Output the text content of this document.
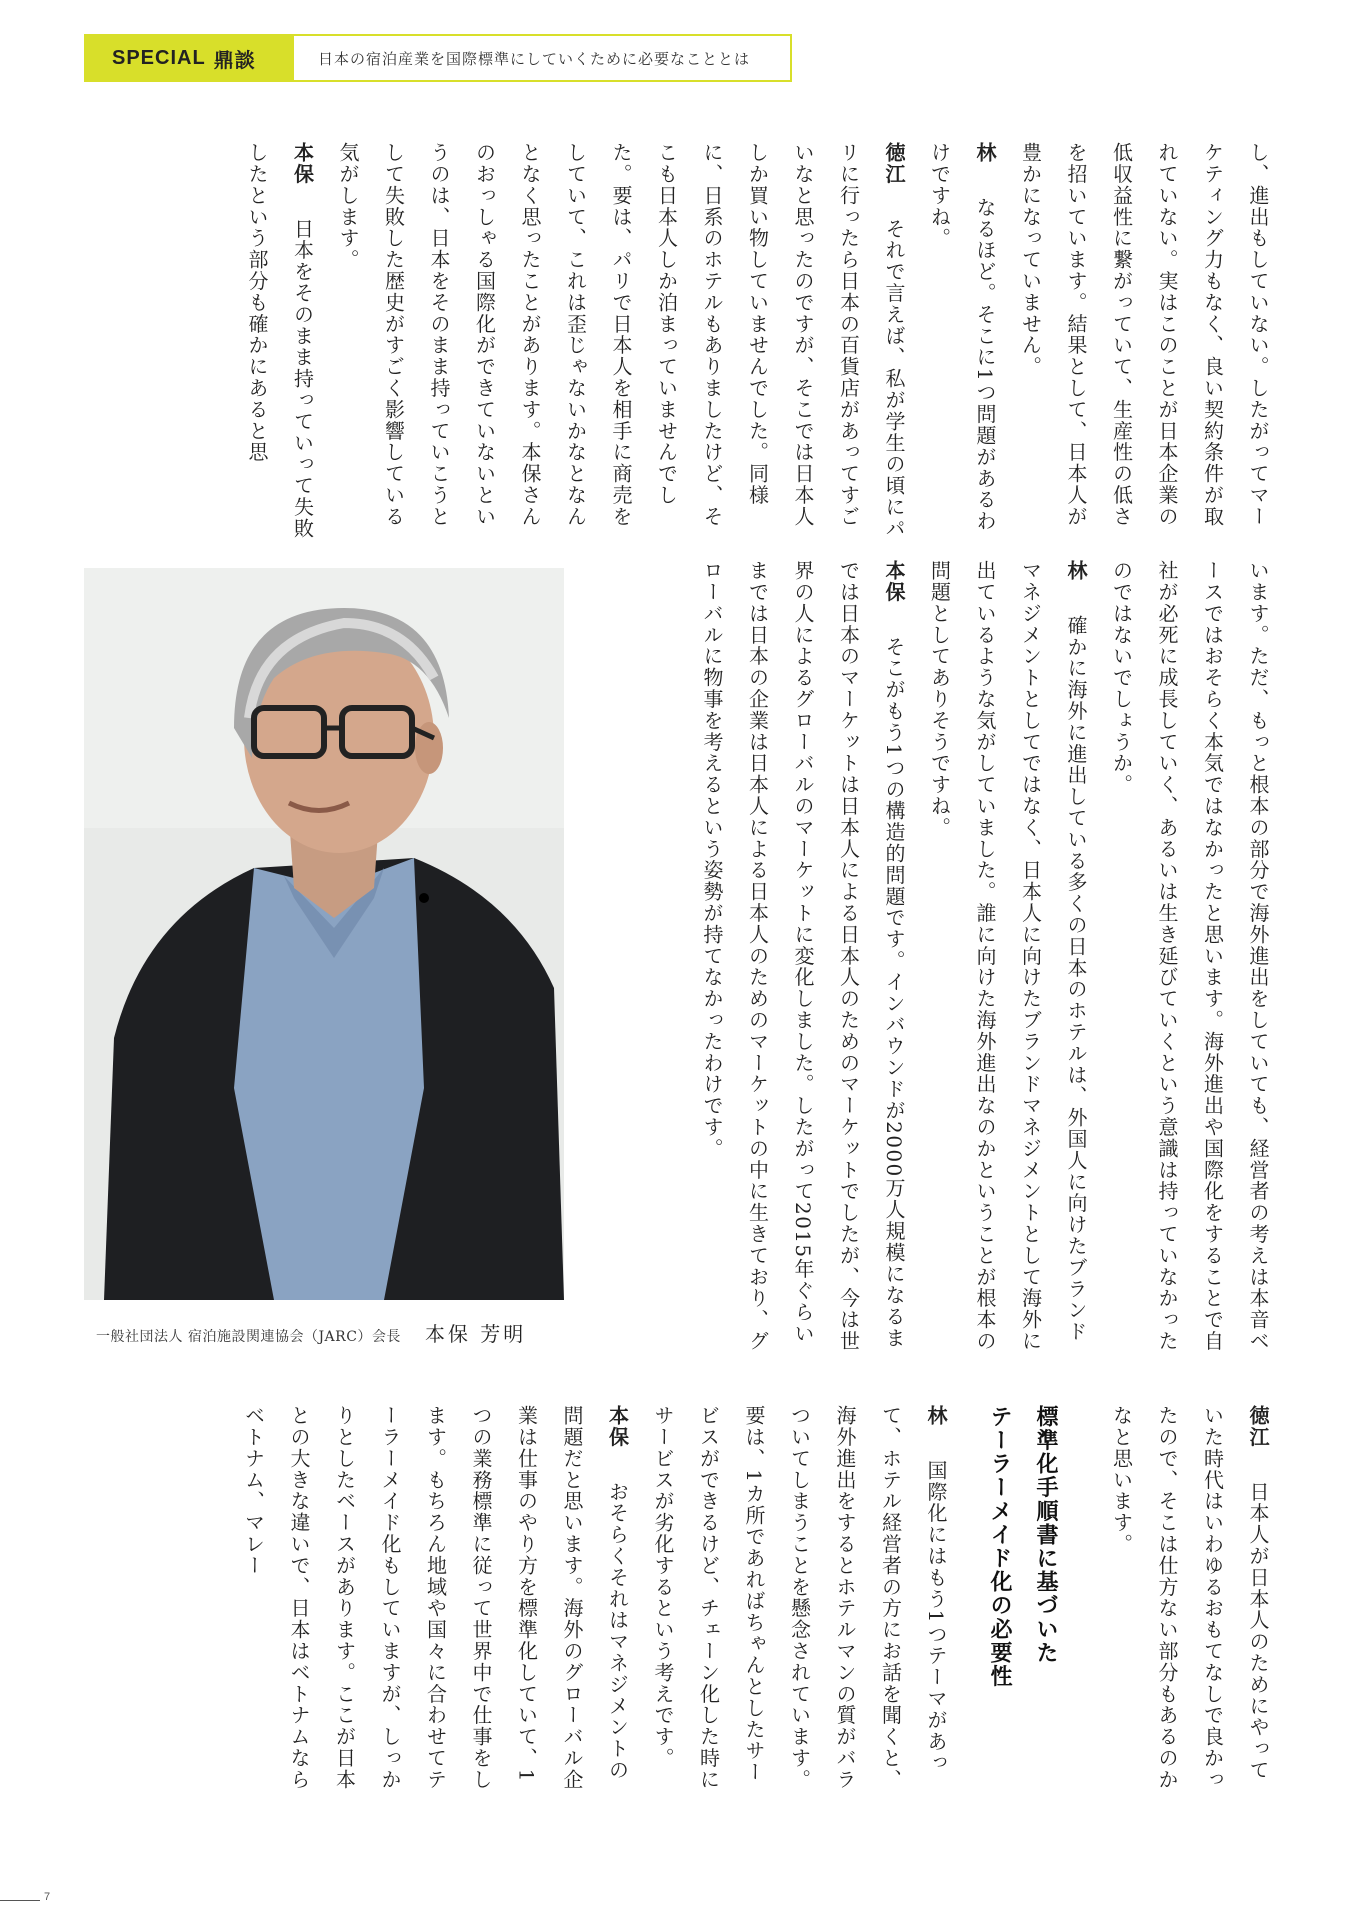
SPECIAL 鼎談	日本の宿泊産業を国際標準にしていくために必要なこととは

し、進出もしていない。したがってマーケティング力もなく、良い契約条件が取れていない。実はこのことが日本企業の低収益性に繋がっていて、生産性の低さを招いています。結果として、日本人が豊かになっていません。

林　なるほど。そこに1つ問題があるわけですね。

徳江　それで言えば、私が学生の頃にパリに行ったら日本の百貨店があってすごいなと思ったのですが、そこでは日本人しか買い物していませんでした。同様に、日系のホテルもありましたけど、そこも日本人しか泊まっていませんでした。要は、パリで日本人を相手に商売をしていて、これは歪じゃないかなとなんとなく思ったことがあります。本保さんのおっしゃる国際化ができていないというのは、日本をそのまま持っていこうとして失敗した歴史がすごく影響している気がします。

本保　日本をそのまま持っていって失敗したという部分も確かにあると思

います。ただ、もっと根本の部分で海外進出をしていても、経営者の考えは本音ベースではおそらく本気ではなかったと思います。海外進出や国際化をすることで自社が必死に成長していく、あるいは生き延びていくという意識は持っていなかったのではないでしょうか。

林　確かに海外に進出している多くの日本のホテルは、外国人に向けたブランドマネジメントとしてではなく、日本人に向けたブランドマネジメントとして海外に出ているような気がしていました。誰に向けた海外進出なのかということが根本の問題としてありそうですね。

本保　そこがもう1つの構造的問題です。インバウンドが2000万人規模になるまでは日本のマーケットは日本人による日本人のためのマーケットでしたが、今は世界の人によるグローバルのマーケットに変化しました。したがって2015年ぐらいまでは日本の企業は日本人による日本人のためのマーケットの中に生きており、グローバルに物事を考えるという姿勢が持てなかったわけです。

一般社団法人 宿泊施設関連協会（JARC）会長 本保 芳明

徳江　日本人が日本人のためにやっていた時代はいわゆるおもてなしで良かったので、そこは仕方ない部分もあるのかなと思います。

標準化手順書に基づいた
テーラーメイド化の必要性

林　国際化にはもう1つテーマがあって、ホテル経営者の方にお話を聞くと、海外進出をするとホテルマンの質がバラついてしまうことを懸念されています。要は、1カ所であればちゃんとしたサービスができるけど、チェーン化した時にサービスが劣化するという考えです。

本保　おそらくそれはマネジメントの問題だと思います。海外のグローバル企業は仕事のやり方を標準化していて、1つの業務標準に従って世界中で仕事をします。もちろん地域や国々に合わせてテーラーメイド化もしていますが、しっかりとしたベースがあります。ここが日本との大きな違いで、日本はベトナムならベトナム、マレー

7
